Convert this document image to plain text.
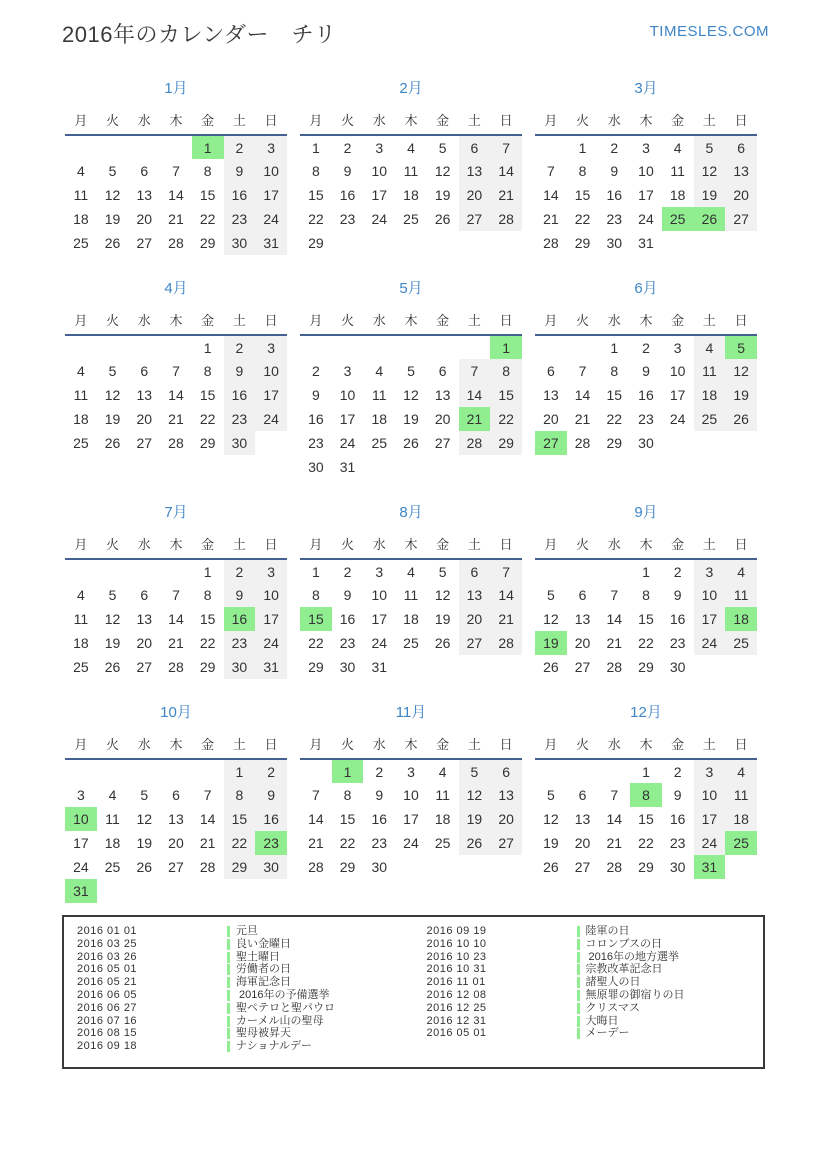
2016年のカレンダー　チリ	TIMESLES.COM
1月
月	火	水	木	金	土	日
				1	2	3
4	5	6	7	8	9	10
11	12	13	14	15	16	17
18	19	20	21	22	23	24
25	26	27	28	29	30	31
2月
月	火	水	木	金	土	日
1	2	3	4	5	6	7
8	9	10	11	12	13	14
15	16	17	18	19	20	21
22	23	24	25	26	27	28
29						
3月
月	火	水	木	金	土	日
	1	2	3	4	5	6
7	8	9	10	11	12	13
14	15	16	17	18	19	20
21	22	23	24	25	26	27
28	29	30	31			
4月
月	火	水	木	金	土	日
				1	2	3
4	5	6	7	8	9	10
11	12	13	14	15	16	17
18	19	20	21	22	23	24
25	26	27	28	29	30	
5月
月	火	水	木	金	土	日
						1
2	3	4	5	6	7	8
9	10	11	12	13	14	15
16	17	18	19	20	21	22
23	24	25	26	27	28	29
30	31					
6月
月	火	水	木	金	土	日
		1	2	3	4	5
6	7	8	9	10	11	12
13	14	15	16	17	18	19
20	21	22	23	24	25	26
27	28	29	30			
7月
月	火	水	木	金	土	日
				1	2	3
4	5	6	7	8	9	10
11	12	13	14	15	16	17
18	19	20	21	22	23	24
25	26	27	28	29	30	31
8月
月	火	水	木	金	土	日
1	2	3	4	5	6	7
8	9	10	11	12	13	14
15	16	17	18	19	20	21
22	23	24	25	26	27	28
29	30	31				
9月
月	火	水	木	金	土	日
			1	2	3	4
5	6	7	8	9	10	11
12	13	14	15	16	17	18
19	20	21	22	23	24	25
26	27	28	29	30		
10月
月	火	水	木	金	土	日
					1	2
3	4	5	6	7	8	9
10	11	12	13	14	15	16
17	18	19	20	21	22	23
24	25	26	27	28	29	30
31						
11月
月	火	水	木	金	土	日
	1	2	3	4	5	6
7	8	9	10	11	12	13
14	15	16	17	18	19	20
21	22	23	24	25	26	27
28	29	30				
12月
月	火	水	木	金	土	日
			1	2	3	4
5	6	7	8	9	10	11
12	13	14	15	16	17	18
19	20	21	22	23	24	25
26	27	28	29	30	31	
2016 01 01	元旦
2016 03 25	良い金曜日
2016 03 26	聖土曜日
2016 05 01	労働者の日
2016 05 21	海軍記念日
2016 06 05	2016年の予備選挙
2016 06 27	聖ペテロと聖パウロ
2016 07 16	カーメル山の聖母
2016 08 15	聖母被昇天
2016 09 18	ナショナルデー
2016 09 19	陸軍の日
2016 10 10	コロンブスの日
2016 10 23	2016年の地方選挙
2016 10 31	宗教改革記念日
2016 11 01	諸聖人の日
2016 12 08	無原罪の御宿りの日
2016 12 25	クリスマス
2016 12 31	大晦日
2016 05 01	メーデー
